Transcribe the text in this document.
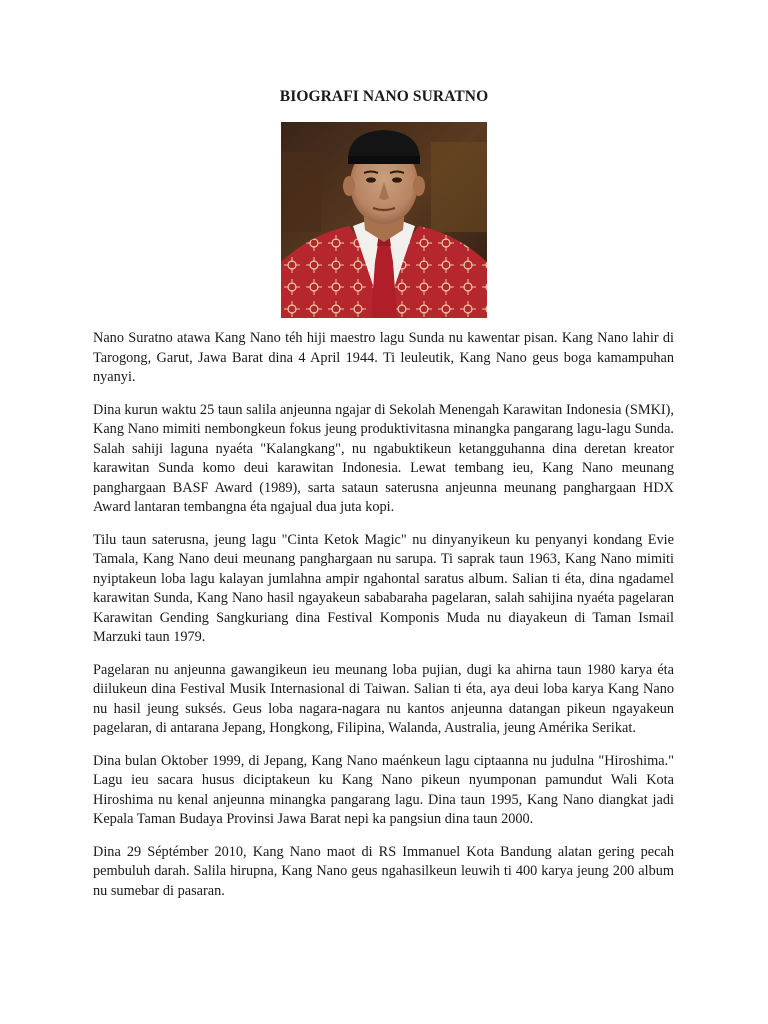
BIOGRAFI NANO SURATNO

Nano Suratno atawa Kang Nano téh hiji maestro lagu Sunda nu kawentar pisan. Kang Nano lahir di Tarogong, Garut, Jawa Barat dina 4 April 1944. Ti leuleutik, Kang Nano geus boga kamampuhan nyanyi.

Dina kurun waktu 25 taun salila anjeunna ngajar di Sekolah Menengah Karawitan Indonesia (SMKI), Kang Nano mimiti nembongkeun fokus jeung produktivitasna minangka pangarang lagu-lagu Sunda. Salah sahiji laguna nyaéta "Kalangkang", nu ngabuktikeun ketangguhanna dina deretan kreator karawitan Sunda komo deui karawitan Indonesia. Lewat tembang ieu, Kang Nano meunang panghargaan BASF Award (1989), sarta sataun saterusna anjeunna meunang panghargaan HDX Award lantaran tembangna éta ngajual dua juta kopi.

Tilu taun saterusna, jeung lagu "Cinta Ketok Magic" nu dinyanyikeun ku penyanyi kondang Evie Tamala, Kang Nano deui meunang panghargaan nu sarupa. Ti saprak taun 1963, Kang Nano mimiti nyiptakeun loba lagu kalayan jumlahna ampir ngahontal saratus album. Salian ti éta, dina ngadamel karawitan Sunda, Kang Nano hasil ngayakeun sababaraha pagelaran, salah sahijina nyaéta pagelaran Karawitan Gending Sangkuriang dina Festival Komponis Muda nu diayakeun di Taman Ismail Marzuki taun 1979.

Pagelaran nu anjeunna gawangikeun ieu meunang loba pujian, dugi ka ahirna taun 1980 karya éta diilukeun dina Festival Musik Internasional di Taiwan. Salian ti éta, aya deui loba karya Kang Nano nu hasil jeung suksés. Geus loba nagara-nagara nu kantos anjeunna datangan pikeun ngayakeun pagelaran, di antarana Jepang, Hongkong, Filipina, Walanda, Australia, jeung Amérika Serikat.

Dina bulan Oktober 1999, di Jepang, Kang Nano maénkeun lagu ciptaanna nu judulna "Hiroshima." Lagu ieu sacara husus diciptakeun ku Kang Nano pikeun nyumponan pamundut Wali Kota Hiroshima nu kenal anjeunna minangka pangarang lagu. Dina taun 1995, Kang Nano diangkat jadi Kepala Taman Budaya Provinsi Jawa Barat nepi ka pangsiun dina taun 2000.

Dina 29 Séptémber 2010, Kang Nano maot di RS Immanuel Kota Bandung alatan gering pecah pembuluh darah. Salila hirupna, Kang Nano geus ngahasilkeun leuwih ti 400 karya jeung 200 album nu sumebar di pasaran.
